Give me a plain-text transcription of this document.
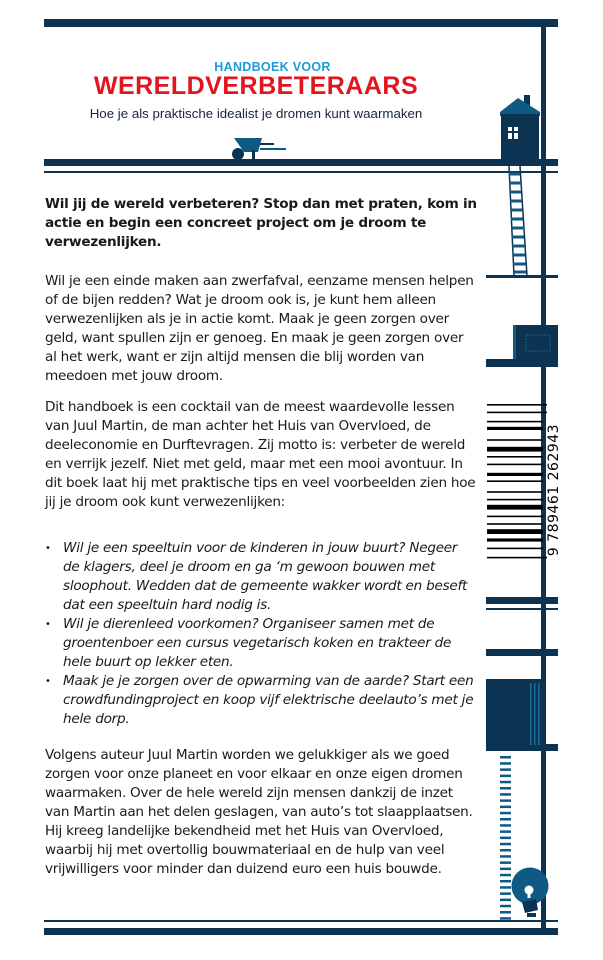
HANDBOEK VOOR
WERELDVERBETERAARS
Hoe je als praktische idealist je dromen kunt waarmaken
9 789461 262943
Wil jij de wereld verbeteren? Stop dan met praten, kom in actie en begin een concreet project om je droom te verwezenlijken.
Wil je een einde maken aan zwerfafval, eenzame mensen helpen of de bijen redden? Wat je droom ook is, je kunt hem alleen verwezenlijken als je in actie komt. Maak je geen zorgen over geld, want spullen zijn er genoeg. En maak je geen zorgen over al het werk, want er zijn altijd mensen die blij worden van meedoen met jouw droom.
Dit handboek is een cocktail van de meest waardevolle lessen van Juul Martin, de man achter het Huis van Overvloed, de deeleconomie en Durftevragen. Zij motto is: verbeter de wereld en verrijk jezelf. Niet met geld, maar met een mooi avontuur. In dit boek laat hij met praktische tips en veel voorbeelden zien hoe jij je droom ook kunt verwezenlijken:
• Wil je een speeltuin voor de kinderen in jouw buurt? Negeer de klagers, deel je droom en ga ‘m gewoon bouwen met sloophout. Wedden dat de gemeente wakker wordt en beseft dat een speeltuin hard nodig is.
• Wil je dierenleed voorkomen? Organiseer samen met de groentenboer een cursus vegetarisch koken en trakteer de hele buurt op lekker eten.
• Maak je je zorgen over de opwarming van de aarde? Start een crowdfundingproject en koop vijf elektrische deelauto’s met je hele dorp.
Volgens auteur Juul Martin worden we gelukkiger als we goed zorgen voor onze planeet en voor elkaar en onze eigen dromen waarmaken. Over de hele wereld zijn mensen dankzij de inzet van Martin aan het delen geslagen, van auto’s tot slaapplaatsen. Hij kreeg landelijke bekendheid met het Huis van Overvloed, waarbij hij met overtollig bouwmateriaal en de hulp van veel vrijwilligers voor minder dan duizend euro een huis bouwde.
